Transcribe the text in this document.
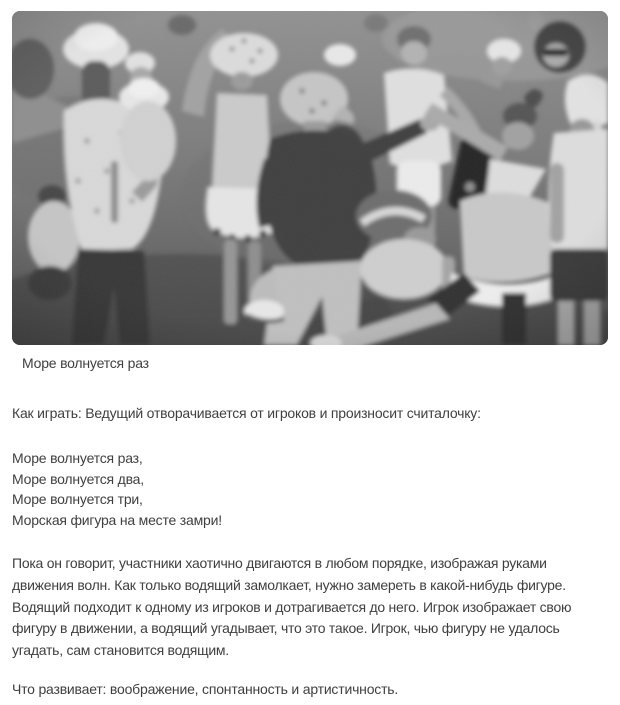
Море волнуется раз

Как играть: Ведущий отворачивается от игроков и произносит считалочку:

Море волнуется раз,
Море волнуется два,
Море волнуется три,
Морская фигура на месте замри!

Пока он говорит, участники хаотично двигаются в любом порядке, изображая руками движения волн. Как только водящий замолкает, нужно замереть в какой-нибудь фигуре. Водящий подходит к одному из игроков и дотрагивается до него. Игрок изображает свою фигуру в движении, а водящий угадывает, что это такое. Игрок, чью фигуру не удалось угадать, сам становится водящим.

Что развивает: воображение, спонтанность и артистичность.
